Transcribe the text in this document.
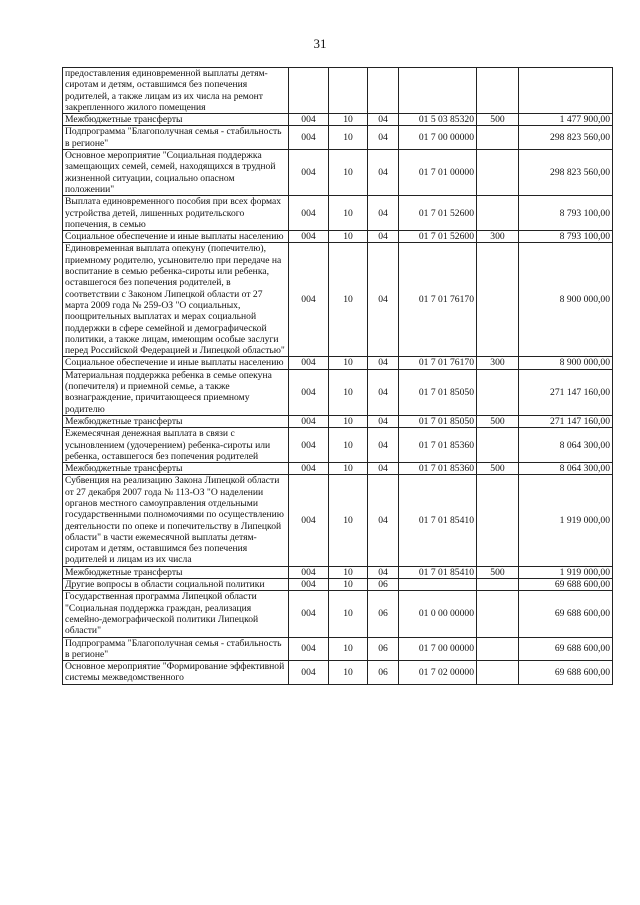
31
предоставления единовременной выплаты детям-сиротам и детям, оставшимся без попечения родителей, а также лицам из их числа на ремонт закрепленного жилого помещения						
Межбюджетные трансферты	004	10	04	01 5 03 85320	500	1 477 900,00
Подпрограмма "Благополучная семья - стабильность в регионе"	004	10	04	01 7 00 00000		298 823 560,00
Основное мероприятие "Социальная поддержка замещающих семей, семей, находящихся в трудной жизненной ситуации, социально опасном положении"	004	10	04	01 7 01 00000		298 823 560,00
Выплата единовременного пособия при всех формах устройства детей, лишенных родительского попечения, в семью	004	10	04	01 7 01 52600		8 793 100,00
Социальное обеспечение и иные выплаты населению	004	10	04	01 7 01 52600	300	8 793 100,00
Единовременная выплата опекуну (попечителю), приемному родителю, усыновителю при передаче на воспитание в семью ребенка-сироты или ребенка, оставшегося без попечения родителей, в соответствии с Законом Липецкой области от 27 марта 2009 года № 259-ОЗ "О социальных, поощрительных выплатах и мерах социальной поддержки в сфере семейной и демографической политики, а также лицам, имеющим особые заслуги перед Российской Федерацией и Липецкой областью"	004	10	04	01 7 01 76170		8 900 000,00
Социальное обеспечение и иные выплаты населению	004	10	04	01 7 01 76170	300	8 900 000,00
Материальная поддержка ребенка в семье опекуна (попечителя) и приемной семье, а также вознаграждение, причитающееся приемному родителю	004	10	04	01 7 01 85050		271 147 160,00
Межбюджетные трансферты	004	10	04	01 7 01 85050	500	271 147 160,00
Ежемесячная денежная выплата в связи с усыновлением (удочерением) ребенка-сироты или ребенка, оставшегося без попечения родителей	004	10	04	01 7 01 85360		8 064 300,00
Межбюджетные трансферты	004	10	04	01 7 01 85360	500	8 064 300,00
Субвенция на реализацию Закона Липецкой области от 27 декабря 2007 года № 113-ОЗ "О наделении органов местного самоуправления отдельными государственными полномочиями по осуществлению деятельности по опеке и попечительству в Липецкой области" в части ежемесячной выплаты детям-сиротам и детям, оставшимся без попечения родителей и лицам из их числа	004	10	04	01 7 01 85410		1 919 000,00
Межбюджетные трансферты	004	10	04	01 7 01 85410	500	1 919 000,00
Другие вопросы в области социальной политики	004	10	06			69 688 600,00
Государственная программа Липецкой области "Социальная поддержка граждан, реализация семейно-демографической политики Липецкой области"	004	10	06	01 0 00 00000		69 688 600,00
Подпрограмма "Благополучная семья - стабильность в регионе"	004	10	06	01 7 00 00000		69 688 600,00
Основное мероприятие "Формирование эффективной системы межведомственного	004	10	06	01 7 02 00000		69 688 600,00
